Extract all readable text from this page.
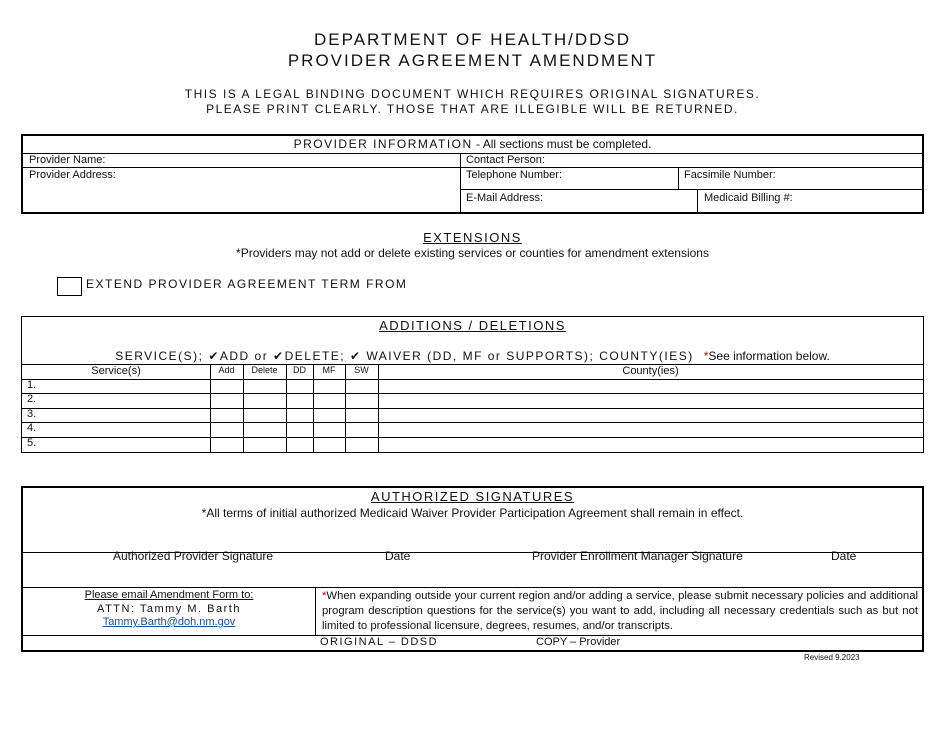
DEPARTMENT OF HEALTH/DDSD
PROVIDER AGREEMENT AMENDMENT
THIS IS A LEGAL BINDING DOCUMENT WHICH REQUIRES ORIGINAL SIGNATURES.
PLEASE PRINT CLEARLY. THOSE THAT ARE ILLEGIBLE WILL BE RETURNED.
PROVIDER INFORMATION - All sections must be completed.
Provider Name:	Contact Person:
Provider Address:	Telephone Number:	Facsimile Number:
E-Mail Address:	Medicaid Billing #:
EXTENSIONS
*Providers may not add or delete existing services or counties for amendment extensions
EXTEND PROVIDER AGREEMENT TERM FROM
ADDITIONS / DELETIONS
SERVICE(S); ✔ADD or ✔DELETE; ✔ WAIVER (DD, MF or SUPPORTS); COUNTY(IES) *See information below.
Service(s)	Add	Delete	DD	MF	SW	County(ies)
1.
2.
3.
4.
5.
AUTHORIZED SIGNATURES
*All terms of initial authorized Medicaid Waiver Provider Participation Agreement shall remain in effect.
Authorized Provider Signature	Date	Provider Enrollment Manager Signature	Date
Please email Amendment Form to:
ATTN: Tammy M. Barth
Tammy.Barth@doh.nm.gov
*When expanding outside your current region and/or adding a service, please submit necessary policies and additional program description questions for the service(s) you want to add, including all necessary credentials such as but not limited to professional licensure, degrees, resumes, and/or transcripts.
ORIGINAL – DDSD	COPY – Provider
Revised 9.2023
